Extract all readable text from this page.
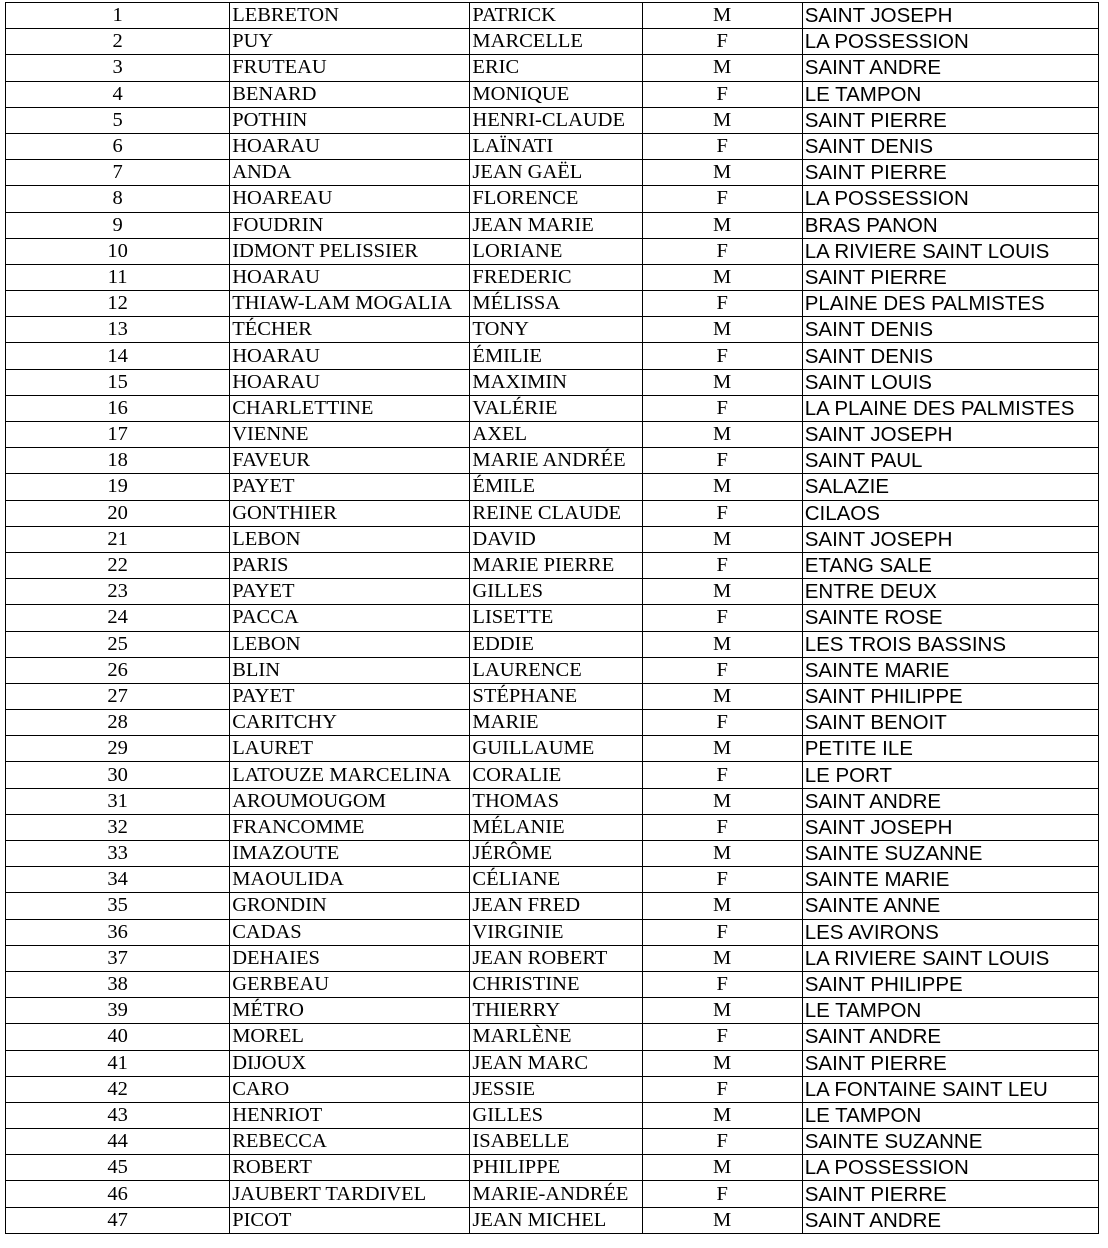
1	LEBRETON	PATRICK	M	SAINT JOSEPH
2	PUY	MARCELLE	F	LA POSSESSION
3	FRUTEAU	ERIC	M	SAINT ANDRE
4	BENARD	MONIQUE	F	LE TAMPON
5	POTHIN	HENRI-CLAUDE	M	SAINT PIERRE
6	HOARAU	LAÏNATI	F	SAINT DENIS
7	ANDA	JEAN GAËL	M	SAINT PIERRE
8	HOAREAU	FLORENCE	F	LA POSSESSION
9	FOUDRIN	JEAN MARIE	M	BRAS PANON
10	IDMONT PELISSIER	LORIANE	F	LA RIVIERE SAINT LOUIS
11	HOARAU	FREDERIC	M	SAINT PIERRE
12	THIAW-LAM MOGALIA	MÉLISSA	F	PLAINE DES PALMISTES
13	TÉCHER	TONY	M	SAINT DENIS
14	HOARAU	ÉMILIE	F	SAINT DENIS
15	HOARAU	MAXIMIN	M	SAINT LOUIS
16	CHARLETTINE	VALÉRIE	F	LA PLAINE DES PALMISTES
17	VIENNE	AXEL	M	SAINT JOSEPH
18	FAVEUR	MARIE ANDRÉE	F	SAINT PAUL
19	PAYET	ÉMILE	M	SALAZIE
20	GONTHIER	REINE CLAUDE	F	CILAOS
21	LEBON	DAVID	M	SAINT JOSEPH
22	PARIS	MARIE PIERRE	F	ETANG SALE
23	PAYET	GILLES	M	ENTRE DEUX
24	PACCA	LISETTE	F	SAINTE ROSE
25	LEBON	EDDIE	M	LES TROIS BASSINS
26	BLIN	LAURENCE	F	SAINTE MARIE
27	PAYET	STÉPHANE	M	SAINT PHILIPPE
28	CARITCHY	MARIE	F	SAINT BENOIT
29	LAURET	GUILLAUME	M	PETITE ILE
30	LATOUZE MARCELINA	CORALIE	F	LE PORT
31	AROUMOUGOM	THOMAS	M	SAINT ANDRE
32	FRANCOMME	MÉLANIE	F	SAINT JOSEPH
33	IMAZOUTE	JÉRÔME	M	SAINTE SUZANNE
34	MAOULIDA	CÉLIANE	F	SAINTE MARIE
35	GRONDIN	JEAN FRED	M	SAINTE ANNE
36	CADAS	VIRGINIE	F	LES AVIRONS
37	DEHAIES	JEAN ROBERT	M	LA RIVIERE SAINT LOUIS
38	GERBEAU	CHRISTINE	F	SAINT PHILIPPE
39	MÉTRO	THIERRY	M	LE TAMPON
40	MOREL	MARLÈNE	F	SAINT ANDRE
41	DIJOUX	JEAN MARC	M	SAINT PIERRE
42	CARO	JESSIE	F	LA FONTAINE SAINT LEU
43	HENRIOT	GILLES	M	LE TAMPON
44	REBECCA	ISABELLE	F	SAINTE SUZANNE
45	ROBERT	PHILIPPE	M	LA POSSESSION
46	JAUBERT TARDIVEL	MARIE-ANDRÉE	F	SAINT PIERRE
47	PICOT	JEAN MICHEL	M	SAINT ANDRE
